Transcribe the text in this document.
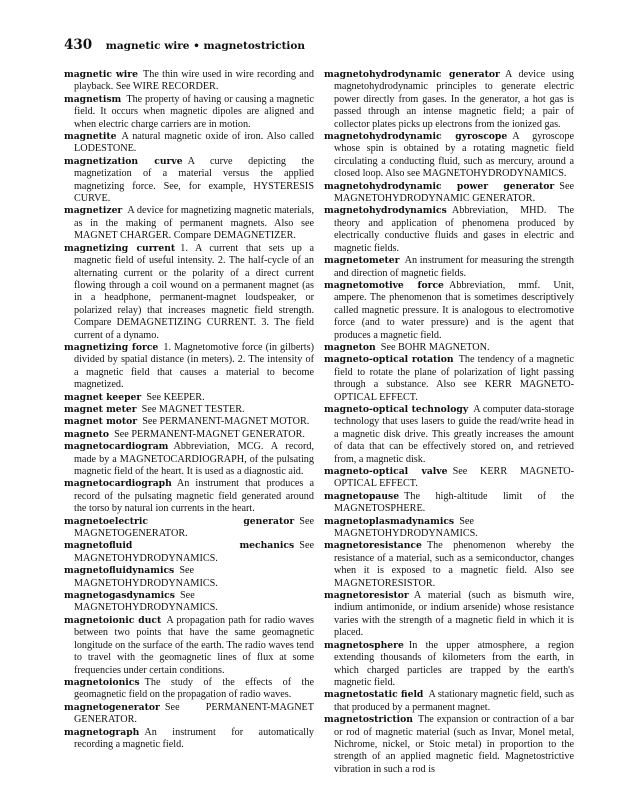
430 magnetic wire • magnetostriction

magnetic wire  The thin wire used in wire recording and playback. See WIRE RECORDER.

magnetism  The property of having or causing a magnetic field. It occurs when magnetic dipoles are aligned and when electric charge carriers are in motion.

magnetite  A natural magnetic oxide of iron. Also called LODESTONE.

magnetization curve  A curve depicting the magnetization of a material versus the applied magnetizing force. See, for example, HYSTERESIS CURVE.

magnetizer  A device for magnetizing magnetic materials, as in the making of permanent magnets. Also see MAGNET CHARGER. Compare DEMAGNETIZER.

magnetizing current  1. A current that sets up a magnetic field of useful intensity. 2. The half-cycle of an alternating current or the polarity of a direct current flowing through a coil wound on a permanent magnet (as in a headphone, permanent-magnet loudspeaker, or polarized relay) that increases magnetic field strength. Compare DEMAGNETIZING CURRENT. 3. The field current of a dynamo.

magnetizing force  1. Magnetomotive force (in gilberts) divided by spatial distance (in meters). 2. The intensity of a magnetic field that causes a material to become magnetized.

magnet keeper  See KEEPER.

magnet meter  See MAGNET TESTER.

magnet motor  See PERMANENT-MAGNET MOTOR.

magneto  See PERMANENT-MAGNET GENERATOR.

magnetocardiogram  Abbreviation, MCG. A record, made by a MAGNETOCARDIOGRAPH, of the pulsating magnetic field of the heart. It is used as a diagnostic aid.

magnetocardiograph  An instrument that produces a record of the pulsating magnetic field generated around the torso by natural ion currents in the heart.

magnetoelectric generator  See MAGNETOGENERATOR.

magnetofluid mechanics  See MAGNETOHYDRODYNAMICS.

magnetofluidynamics  See MAGNETOHYDRODYNAMICS.

magnetogasdynamics  See MAGNETOHYDRODYNAMICS.

magnetoionic duct  A propagation path for radio waves between two points that have the same geomagnetic longitude on the surface of the earth. The radio waves tend to travel with the geomagnetic lines of flux at some frequencies under certain conditions.

magnetoionics  The study of the effects of the geomagnetic field on the propagation of radio waves.

magnetogenerator  See PERMANENT-MAGNET GENERATOR.

magnetograph  An instrument for automatically recording a magnetic field.

magnetohydrodynamic generator  A device using magnetohydrodynamic principles to generate electric power directly from gases. In the generator, a hot gas is passed through an intense magnetic field; a pair of collector plates picks up electrons from the ionized gas.

magnetohydrodynamic gyroscope  A gyroscope whose spin is obtained by a rotating magnetic field circulating a conducting fluid, such as mercury, around a closed loop. Also see MAGNETOHYDRODYNAMICS.

magnetohydrodynamic power generator  See MAGNETOHYDRODYNAMIC GENERATOR.

magnetohydrodynamics  Abbreviation, MHD. The theory and application of phenomena produced by electrically conductive fluids and gases in electric and magnetic fields.

magnetometer  An instrument for measuring the strength and direction of magnetic fields.

magnetomotive force  Abbreviation, mmf. Unit, ampere. The phenomenon that is sometimes descriptively called magnetic pressure. It is analogous to electromotive force (and to water pressure) and is the agent that produces a magnetic field.

magneton  See BOHR MAGNETON.

magneto-optical rotation  The tendency of a magnetic field to rotate the plane of polarization of light passing through a substance. Also see KERR MAGNETO-OPTICAL EFFECT.

magneto-optical technology  A computer data-storage technology that uses lasers to guide the read/write head in a magnetic disk drive. This greatly increases the amount of data that can be effectively stored on, and retrieved from, a magnetic disk.

magneto-optical valve  See KERR MAGNETO-OPTICAL EFFECT.

magnetopause  The high-altitude limit of the MAGNETOSPHERE.

magnetoplasmadynamics  See MAGNETOHYDRODYNAMICS.

magnetoresistance  The phenomenon whereby the resistance of a material, such as a semiconductor, changes when it is exposed to a magnetic field. Also see MAGNETORESISTOR.

magnetoresistor  A material (such as bismuth wire, indium antimonide, or indium arsenide) whose resistance varies with the strength of a magnetic field in which it is placed.

magnetosphere  In the upper atmosphere, a region extending thousands of kilometers from the earth, in which charged particles are trapped by the earth's magnetic field.

magnetostatic field  A stationary magnetic field, such as that produced by a permanent magnet.

magnetostriction  The expansion or contraction of a bar or rod of magnetic material (such as Invar, Monel metal, Nichrome, nickel, or Stoic metal) in proportion to the strength of an applied magnetic field. Magnetostrictive vibration in such a rod is
